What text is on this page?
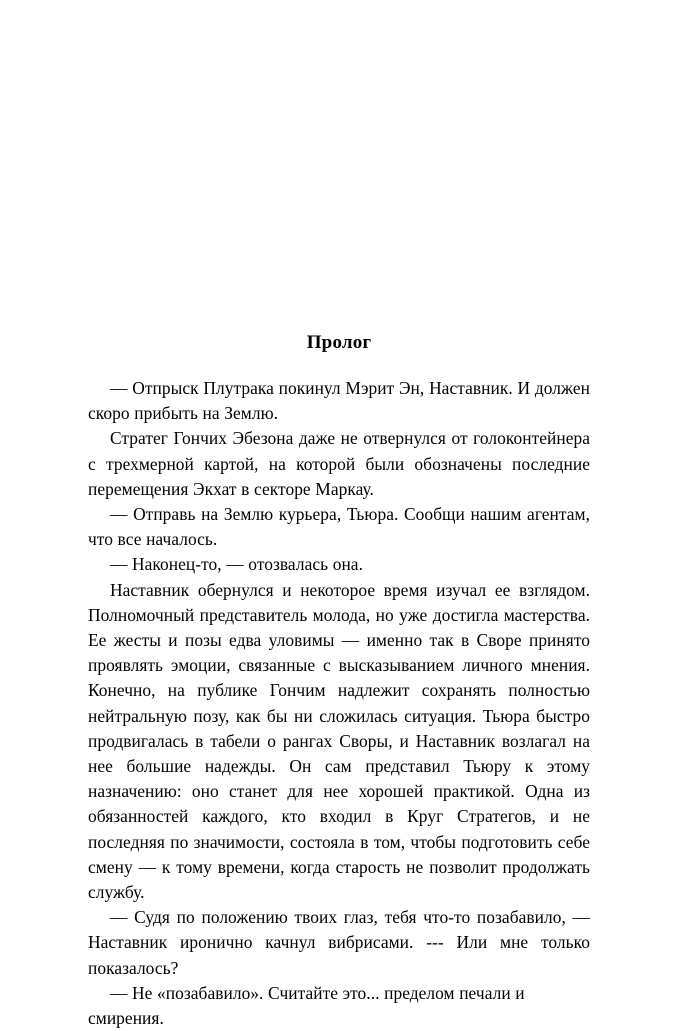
Пролог

— Отпрыск Плутрака покинул Мэрит Эн, Наставник. И должен скоро прибыть на Землю.

Стратег Гончих Эбезона даже не отвернулся от голоконтейнера с трехмерной картой, на которой были обозначены последние перемещения Экхат в секторе Маркау.

— Отправь на Землю курьера, Тьюра. Сообщи нашим агентам, что все началось.

— Наконец-то, — отозвалась она.

Наставник обернулся и некоторое время изучал ее взглядом. Полномочный представитель молода, но уже достигла мастерства. Ее жесты и позы едва уловимы — именно так в Своре принято проявлять эмоции, связанные с высказыванием личного мнения. Конечно, на публике Гончим надлежит сохранять полностью нейтральную позу, как бы ни сложилась ситуация. Тьюра быстро продвигалась в табели о рангах Своры, и Наставник возлагал на нее большие надежды. Он сам представил Тьюру к этому назначению: оно станет для нее хорошей практикой. Одна из обязанностей каждого, кто входил в Круг Стратегов, и не последняя по значимости, состояла в том, чтобы подготовить себе смену — к тому времени, когда старость не позволит продолжать службу.

— Судя по положению твоих глаз, тебя что-то позабавило, — Наставник иронично качнул вибрисами. --- Или мне только показалось?

— Не «позабавило». Считайте это... пределом печали и смирения.
